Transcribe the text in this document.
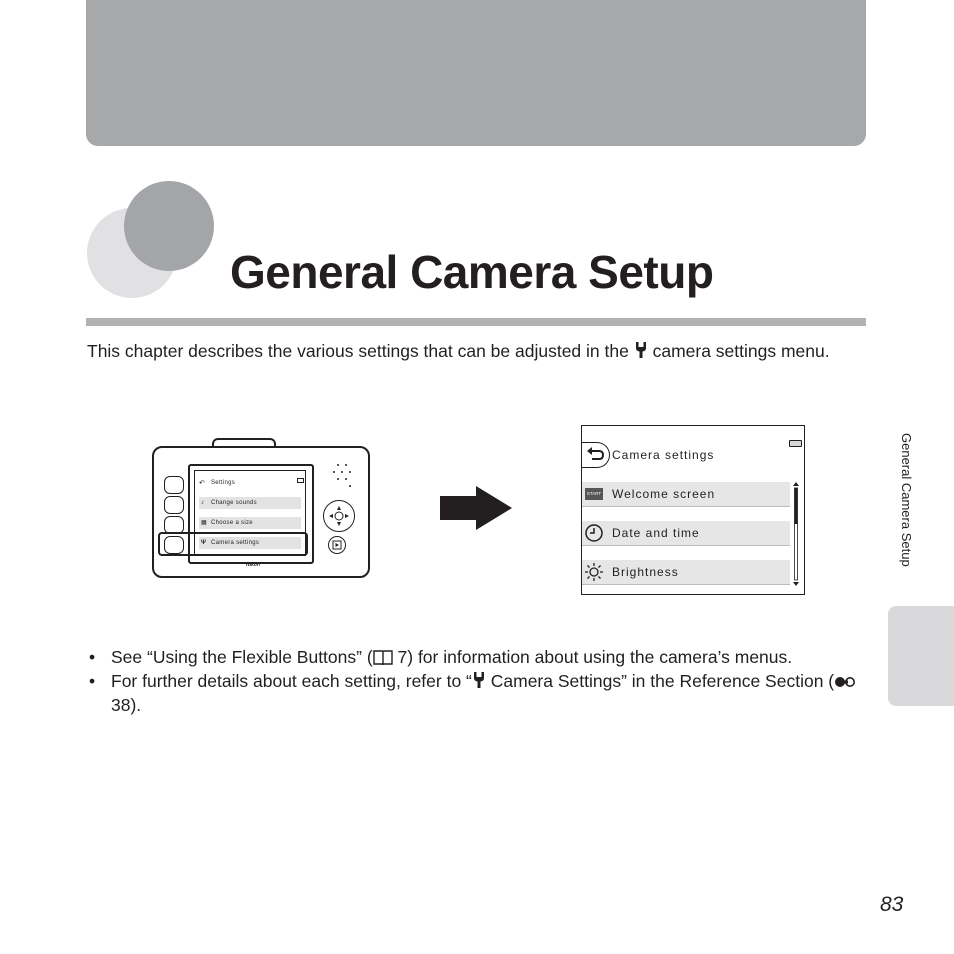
General Camera Setup

This chapter describes the various settings that can be adjusted in the  camera settings menu.

↶ Settings
♪ Change sounds
▦ Choose a size
Ψ Camera settings
Nikon
Camera settings
START Welcome screen
Date and time
Brightness
• See “Using the Flexible Buttons” ( 7) for information about using the camera’s menus.
• For further details about each setting, refer to “ Camera Settings” in the Reference Section (38).
General Camera Setup
83
